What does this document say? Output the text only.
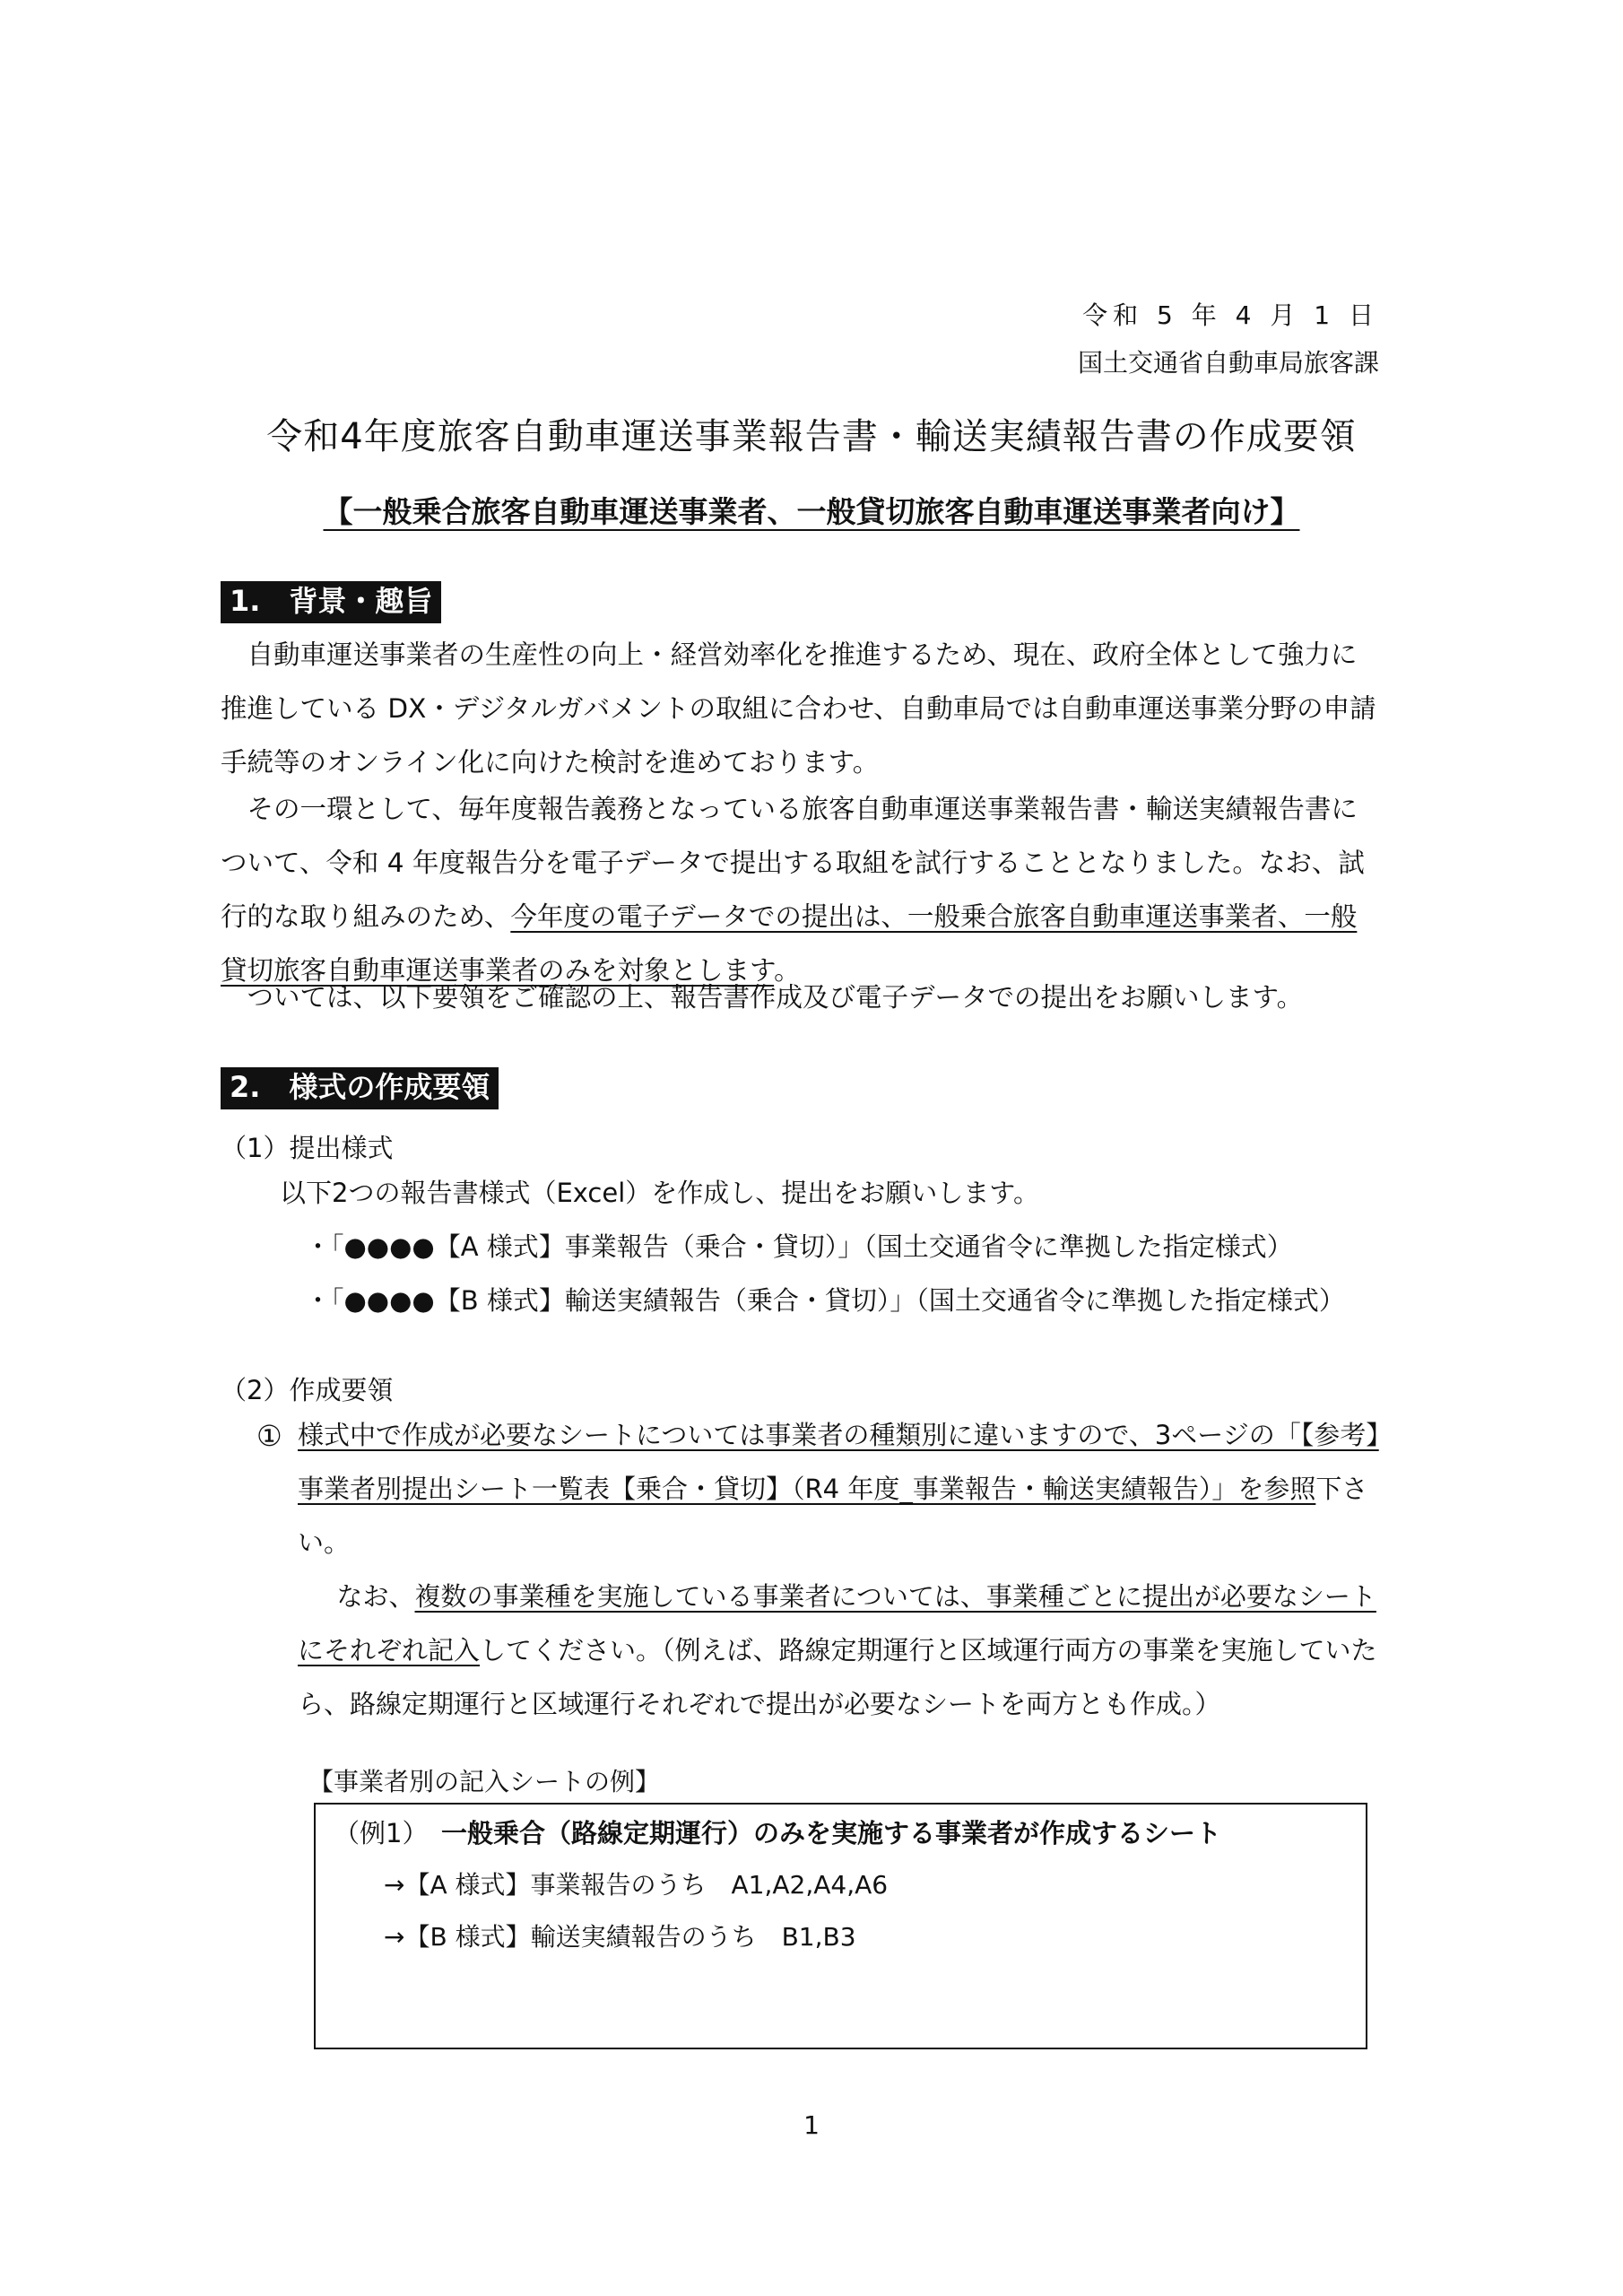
令和 5 年 4 月 1 日
国土交通省自動車局旅客課
令和4年度旅客自動車運送事業報告書・輸送実績報告書の作成要領
【一般乗合旅客自動車運送事業者、一般貸切旅客自動車運送事業者向け】
1.　背景・趣旨
自動車運送事業者の生産性の向上・経営効率化を推進するため、現在、政府全体として強力に推進している DX・デジタルガバメントの取組に合わせ、自動車局では自動車運送事業分野の申請手続等のオンライン化に向けた検討を進めております。
その一環として、毎年度報告義務となっている旅客自動車運送事業報告書・輸送実績報告書について、令和 4 年度報告分を電子データで提出する取組を試行することとなりました。なお、試行的な取り組みのため、今年度の電子データでの提出は、一般乗合旅客自動車運送事業者、一般貸切旅客自動車運送事業者のみを対象とします。
ついては、以下要領をご確認の上、報告書作成及び電子データでの提出をお願いします。
2.　様式の作成要領
（1）提出様式
以下2つの報告書様式（Excel）を作成し、提出をお願いします。
・「●●●●【A 様式】事業報告（乗合・貸切）」（国土交通省令に準拠した指定様式）
・「●●●●【B 様式】輸送実績報告（乗合・貸切）」（国土交通省令に準拠した指定様式）
（2）作成要領
① 様式中で作成が必要なシートについては事業者の種類別に違いますので、3ページの「【参考】事業者別提出シート一覧表【乗合・貸切】（R4 年度_事業報告・輸送実績報告）」を参照下さい。
なお、複数の事業種を実施している事業者については、事業種ごとに提出が必要なシートにそれぞれ記入してください。（例えば、路線定期運行と区域運行両方の事業を実施していたら、路線定期運行と区域運行それぞれで提出が必要なシートを両方とも作成。）
【事業者別の記入シートの例】
（例1）　 一般乗合（路線定期運行）のみを実施する事業者が作成するシート
→【A 様式】事業報告のうち　A1,A2,A4,A6
→【B 様式】輸送実績報告のうち　B1,B3
1
